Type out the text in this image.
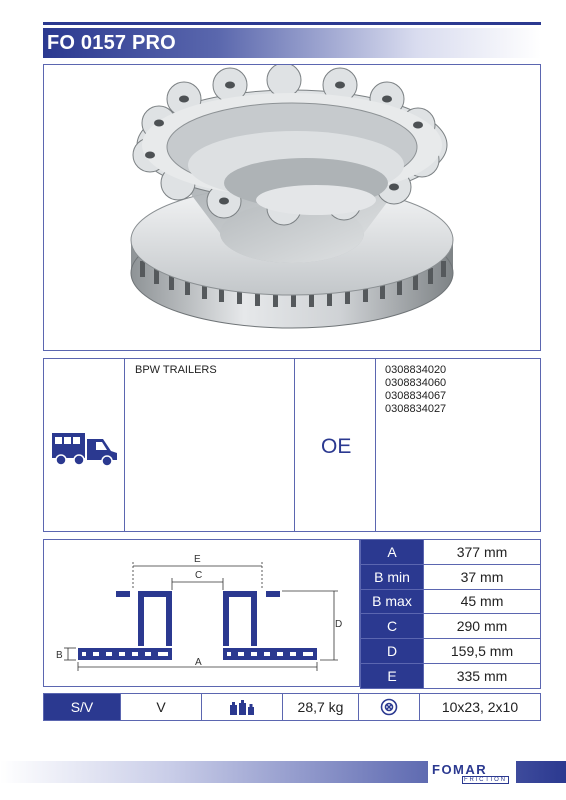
FO 0157 PRO
BPW TRAILERS
OE
0308834020
0308834060
0308834067
0308834027
E
C
A
D
B
A	377 mm
B min	37 mm
B max	45 mm
C	290 mm
D	159,5 mm
E	335 mm
S/V	V		28,7 kg		10x23, 2x10
FOMAR
FRICTION
